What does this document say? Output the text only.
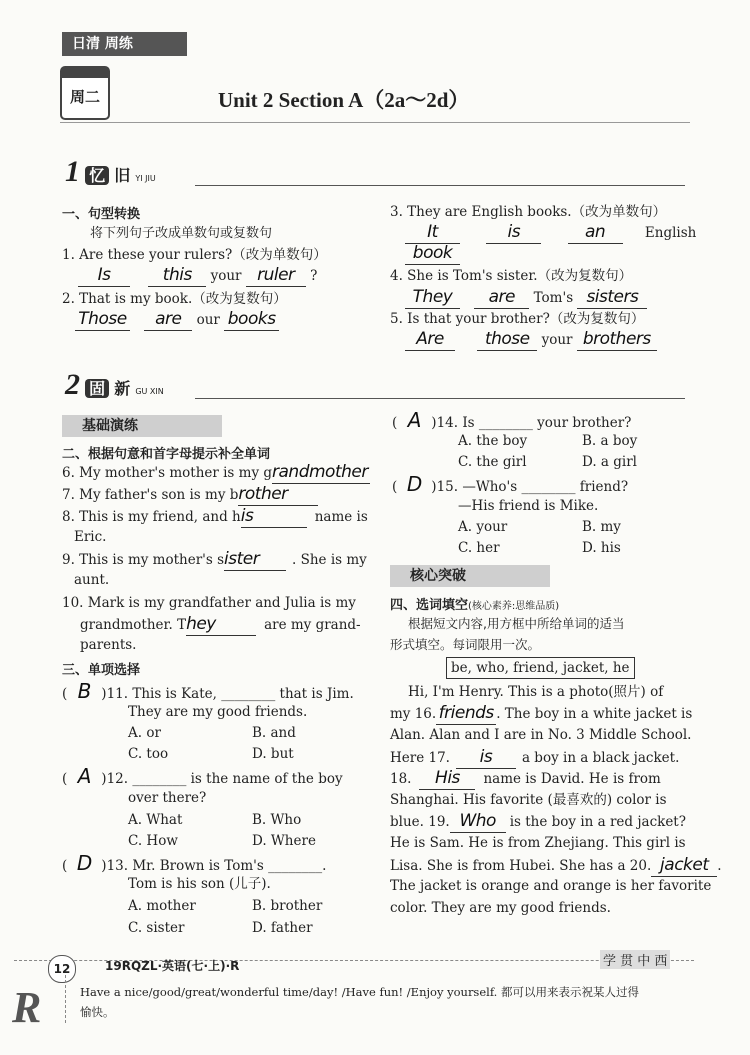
日清 周练
周二	Unit 2 Section A（2a～2d）
1 忆 旧 YI JIU
一、句型转换
将下列句子改成单数句或复数句
1. Are these your rulers?（改为单数句）
Is	this your ruler ?
2. That is my book.（改为复数句）
Those are our books
3. They are English books.（改为单数句）
It	is	an	English
book
4. She is Tom's sister.（改为复数句）
They are Tom's sisters
5. Is that your brother?（改为复数句）
Are those your brothers
2 固 新 GU XIN
基础演练
二、根据句意和首字母提示补全单词
6. My mother's mother is my grandmother
7. My father's son is my brother
8. This is my friend, and his	name is
Eric.
9. This is my mother's sister . She is my
aunt.
10. Mark is my grandfather and Julia is my
grandmother. They	are my grand-
parents.
三、单项选择
( B )11. This is Kate, ________ that is Jim.
They are my good friends.
A. or	B. and
C. too	D. but
( A )12. ________ is the name of the boy
over there?
A. What	B. Who
C. How	D. Where
( D )13. Mr. Brown is Tom's ________.
Tom is his son (儿子).
A. mother	B. brother
C. sister	D. father
( A )14. Is ________ your brother?
A. the boy	B. a boy
C. the girl	D. a girl
( D )15. —Who's ________ friend?
—His friend is Mike.
A. your	B. my
C. her	D. his
核心突破
四、选词填空(核心素养:思维品质)
根据短文内容,用方框中所给单词的适当
形式填空。每词限用一次。
be, who, friend, jacket, he
Hi, I'm Henry. This is a photo(照片) of
my 16. friends . The boy in a white jacket is
Alan. Alan and I are in No. 3 Middle School.
Here 17. is a boy in a black jacket.
18. His name is David. He is from
Shanghai. His favorite (最喜欢的) color is
blue. 19. Who is the boy in a red jacket?
He is Sam. He is from Zhejiang. This girl is
Lisa. She is from Hubei. She has a 20. jacket .
The jacket is orange and orange is her favorite
color. They are my good friends.
12	19RQZL·英语(七·上)·R	学 贯 中 西
R	Have a nice/good/great/wonderful time/day! /Have fun! /Enjoy yourself. 都可以用来表示祝某人过得
愉快。
